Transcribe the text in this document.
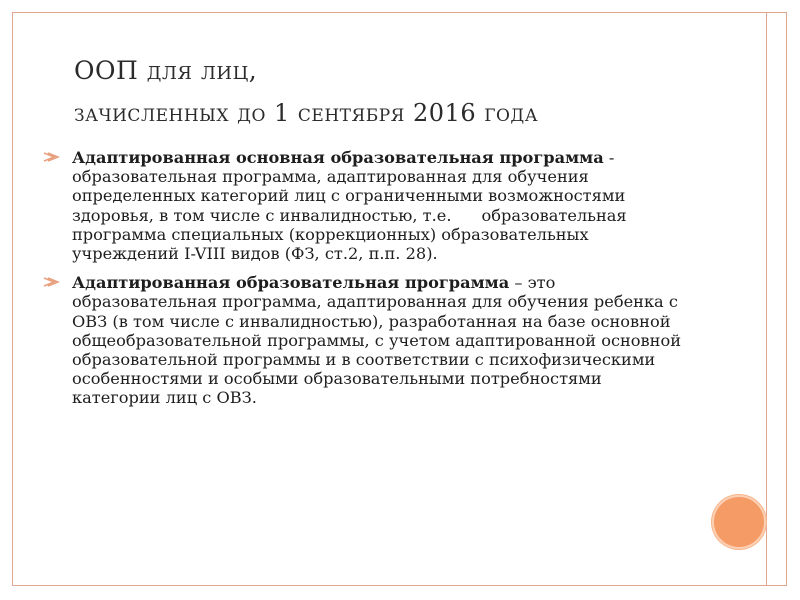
ООП для лиц,
зачисленных до 1 сентября 2016 года
Адаптированная основная образовательная программа - образовательная программа, адаптированная для обучения определенных категорий лиц с ограниченными возможностями здоровья, в том числе с инвалидностью, т.е. образовательная программа специальных (коррекционных) образовательных учреждений I-VIII видов (ФЗ, ст.2, п.п. 28).
Адаптированная образовательная программа – это образовательная программа, адаптированная для обучения ребенка с ОВЗ (в том числе с инвалидностью), разработанная на базе основной общеобразовательной программы, с учетом адаптированной основной образовательной программы и в соответствии с психофизическими особенностями и особыми образовательными потребностями категории лиц с ОВЗ.
